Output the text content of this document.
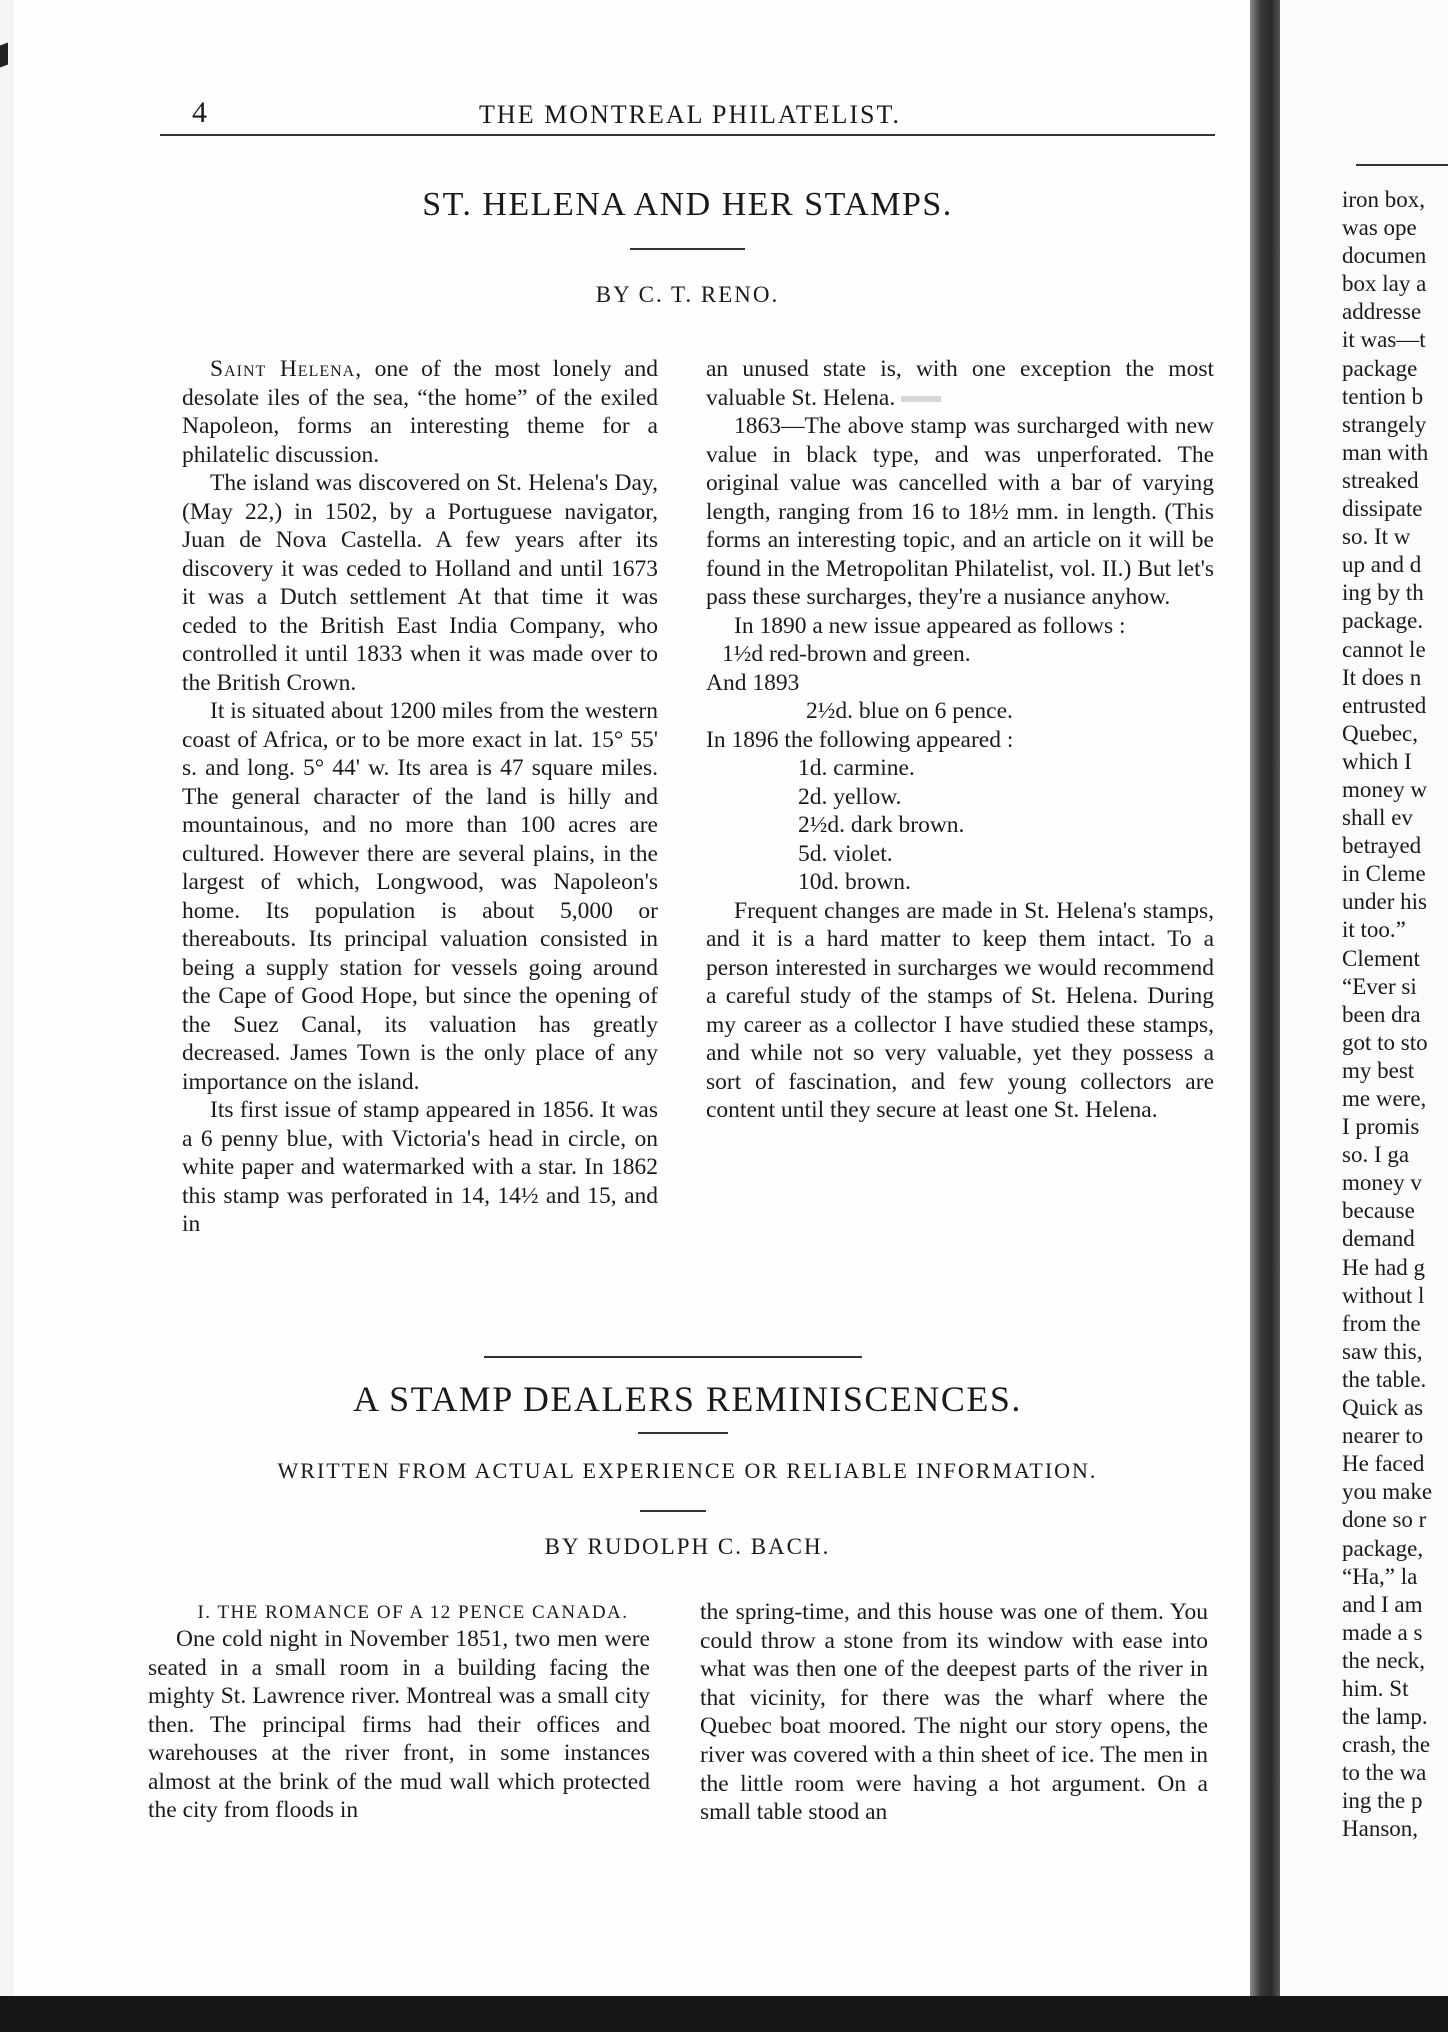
4	THE MONTREAL PHILATELIST.
ST. HELENA AND HER STAMPS.
BY C. T. RENO.

Saint Helena, one of the most lonely and desolate iles of the sea, “the home” of the exiled Napoleon, forms an interesting theme for a philatelic discussion.

The island was discovered on St. Helena's Day, (May 22,) in 1502, by a Portuguese navigator, Juan de Nova Castella. A few years after its discovery it was ceded to Holland and until 1673 it was a Dutch settlement At that time it was ceded to the British East India Company, who controlled it until 1833 when it was made over to the British Crown.

It is situated about 1200 miles from the western coast of Africa, or to be more exact in lat. 15° 55' s. and long. 5° 44' w. Its area is 47 square miles. The general character of the land is hilly and mountainous, and no more than 100 acres are cultured. However there are several plains, in the largest of which, Longwood, was Napoleon's home. Its population is about 5,000 or thereabouts. Its principal valuation consisted in being a supply station for vessels going around the Cape of Good Hope, but since the opening of the Suez Canal, its valuation has greatly decreased. James Town is the only place of any importance on the island.

Its first issue of stamp appeared in 1856. It was a 6 penny blue, with Victoria's head in circle, on white paper and watermarked with a star. In 1862 this stamp was perforated in 14, 14½ and 15, and in

an unused state is, with one exception the most valuable St. Helena.

1863—The above stamp was surcharged with new value in black type, and was unperforated. The original value was cancelled with a bar of varying length, ranging from 16 to 18½ mm. in length. (This forms an interesting topic, and an article on it will be found in the Metropolitan Philatelist, vol. II.) But let's pass these surcharges, they're a nusiance anyhow.

In 1890 a new issue appeared as follows :

1½d red-brown and green.

And 1893

2½d. blue on 6 pence.

In 1896 the following appeared :

1d. carmine.

2d. yellow.

2½d. dark brown.

5d. violet.

10d. brown.

Frequent changes are made in St. Helena's stamps, and it is a hard matter to keep them intact. To a person interested in surcharges we would recommend a careful study of the stamps of St. Helena. During my career as a collector I have studied these stamps, and while not so very valuable, yet they possess a sort of fascination, and few young collectors are content until they secure at least one St. Helena.

A STAMP DEALERS REMINISCENCES.
WRITTEN FROM ACTUAL EXPERIENCE OR RELIABLE INFORMATION.
BY RUDOLPH C. BACH.

I. THE ROMANCE OF A 12 PENCE CANADA.

One cold night in November 1851, two men were seated in a small room in a building facing the mighty St. Lawrence river. Montreal was a small city then. The principal firms had their offices and warehouses at the river front, in some instances almost at the brink of the mud wall which protected the city from floods in

the spring-time, and this house was one of them. You could throw a stone from its window with ease into what was then one of the deepest parts of the river in that vicinity, for there was the wharf where the Quebec boat moored. The night our story opens, the river was covered with a thin sheet of ice. The men in the little room were having a hot argument. On a small table stood an

iron box,
was ope
documen
box lay a
addresse
it was—t
package
tention b
strangely
man with
streaked
dissipate
so. It w
up and d
ing by th
package.
cannot le
It does n
entrusted
Quebec,
which I
money w
shall ev
betrayed
in Cleme
under his
it too.”
Clement
“Ever si
been dra
got to sto
my best
me were,
I promis
so. I ga
money v
because
demand
He had g
without l
from the
saw this,
the table.
Quick as
nearer to
He faced
you make
done so r
package,
“Ha,” la
and I am
made a s
the neck,
him. St
the lamp.
crash, the
to the wa
ing the p
Hanson,
